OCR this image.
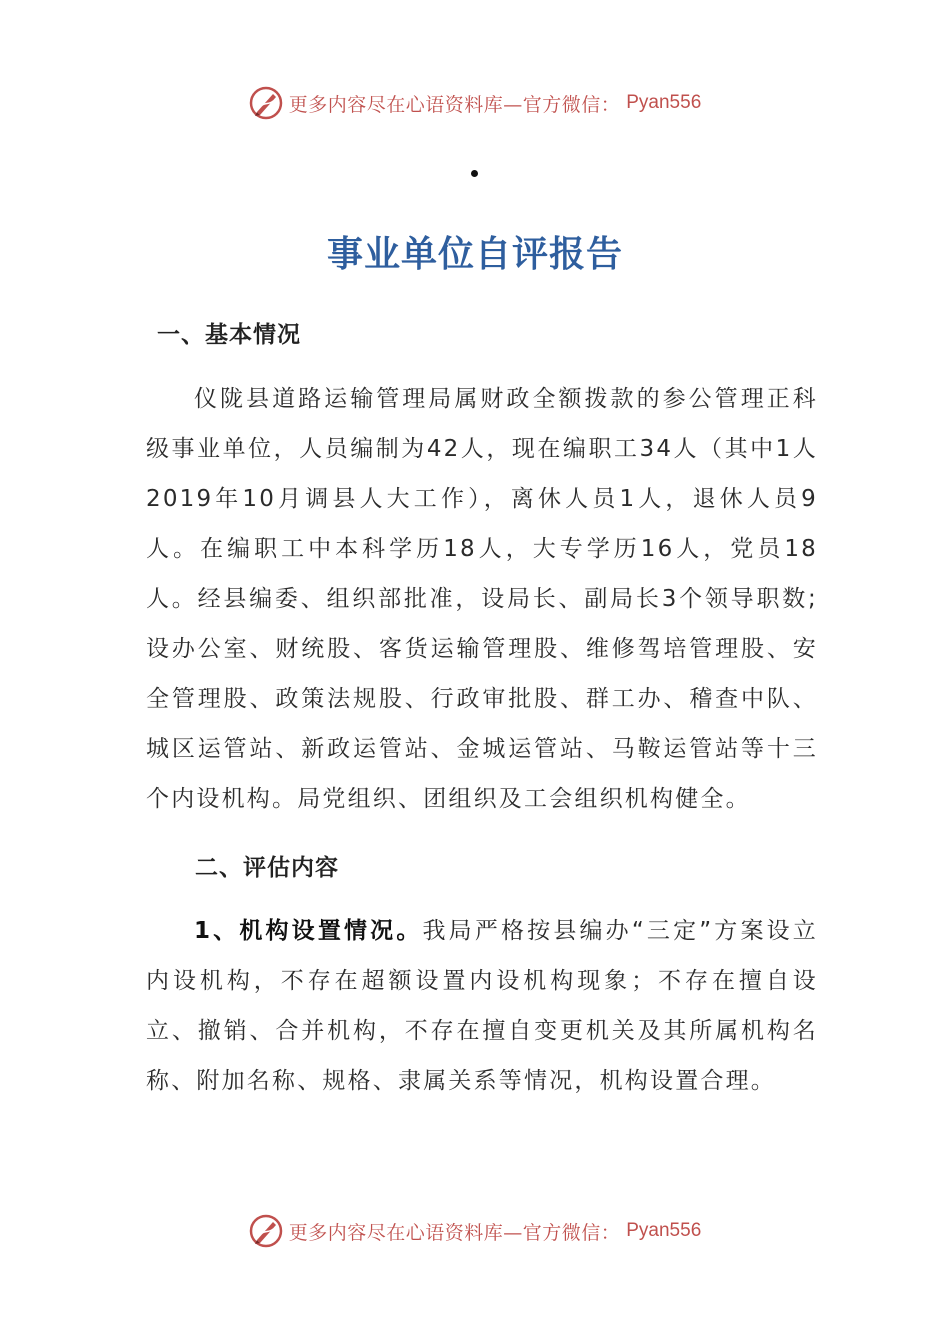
更多内容尽在心语资料库—官方微信： Pyan556
事业单位自评报告
一、基本情况

仪陇县道路运输管理局属财政全额拨款的参公管理正科级事业单位，人员编制为42人，现在编职工34人（其中1人2019年10月调县人大工作），离休人员1人，退休人员9人。在编职工中本科学历18人，大专学历16人，党员18人。经县编委、组织部批准，设局长、副局长3个领导职数;设办公室、财统股、客货运输管理股、维修驾培管理股、安全管理股、政策法规股、行政审批股、群工办、稽查中队、城区运管站、新政运管站、金城运管站、马鞍运管站等十三个内设机构。局党组织、团组织及工会组织机构健全。

二、评估内容

1、机构设置情况。我局严格按县编办“三定”方案设立内设机构，不存在超额设置内设机构现象；不存在擅自设立、撤销、合并机构，不存在擅自变更机关及其所属机构名称、附加名称、规格、隶属关系等情况，机构设置合理。

更多内容尽在心语资料库—官方微信： Pyan556
